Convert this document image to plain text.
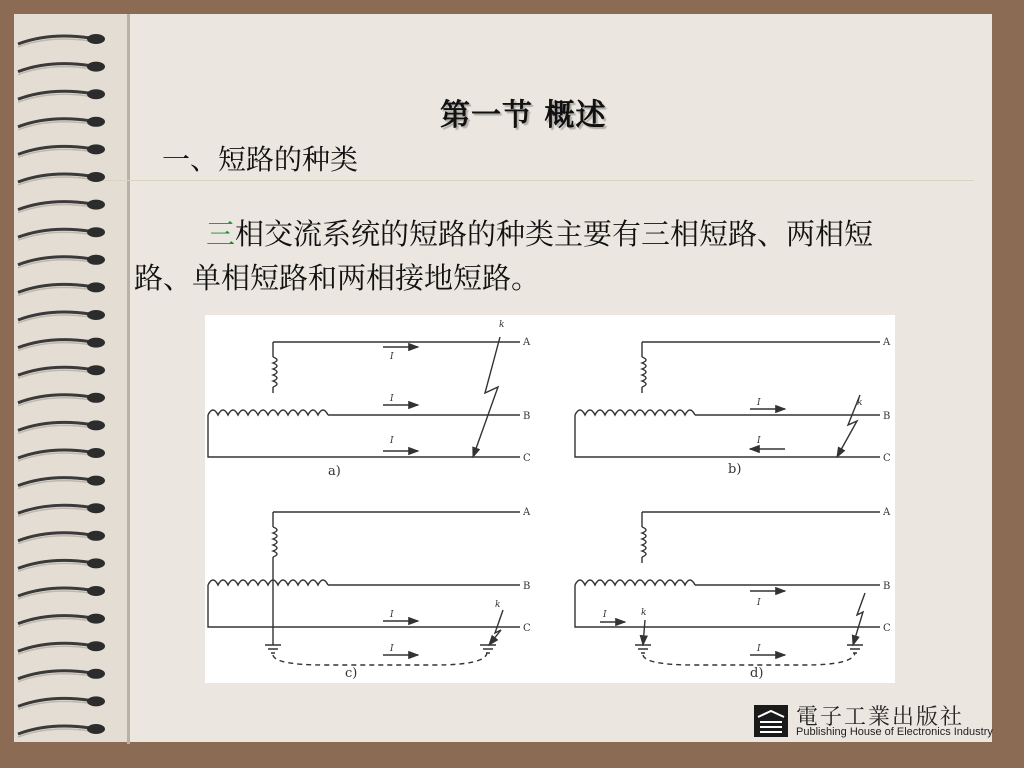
第一节 概述
一、短路的种类
三相交流系统的短路的种类主要有三相短路、两相短路、单相短路和两相接地短路。
A
B
C
A
B
C
A
B
C
A
B
C
a)	b)
c)	d)
I
I
I
I
I
I
I
I
I
I
k
k
k
k
電子工業出版社
Publishing House of Electronics Industry
